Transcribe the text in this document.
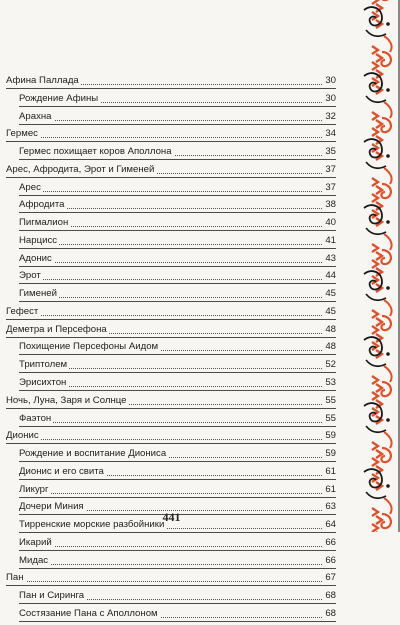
Афина Паллада	30
Рождение Афины	30
Арахна	32
Гермес	34
Гермес похищает коров Аполлона	35
Арес, Афродита, Эрот и Гименей	37
Арес	37
Афродита	38
Пигмалион	40
Нарцисс	41
Адонис	43
Эрот	44
Гименей	45
Гефест	45
Деметра и Персефона	48
Похищение Персефоны Аидом	48
Триптолем	52
Эрисихтон	53
Ночь, Луна, Заря и Солнце	55
Фаэтон	55
Дионис	59
Рождение и воспитание Диониса	59
Дионис и его свита	61
Ликург	61
Дочери Миния	63
Тирренские морские разбойники	64
Икарий	66
Мидас	66
Пан	67
Пан и Сиринга	68
Состязание Пана с Аполлоном	68
441
